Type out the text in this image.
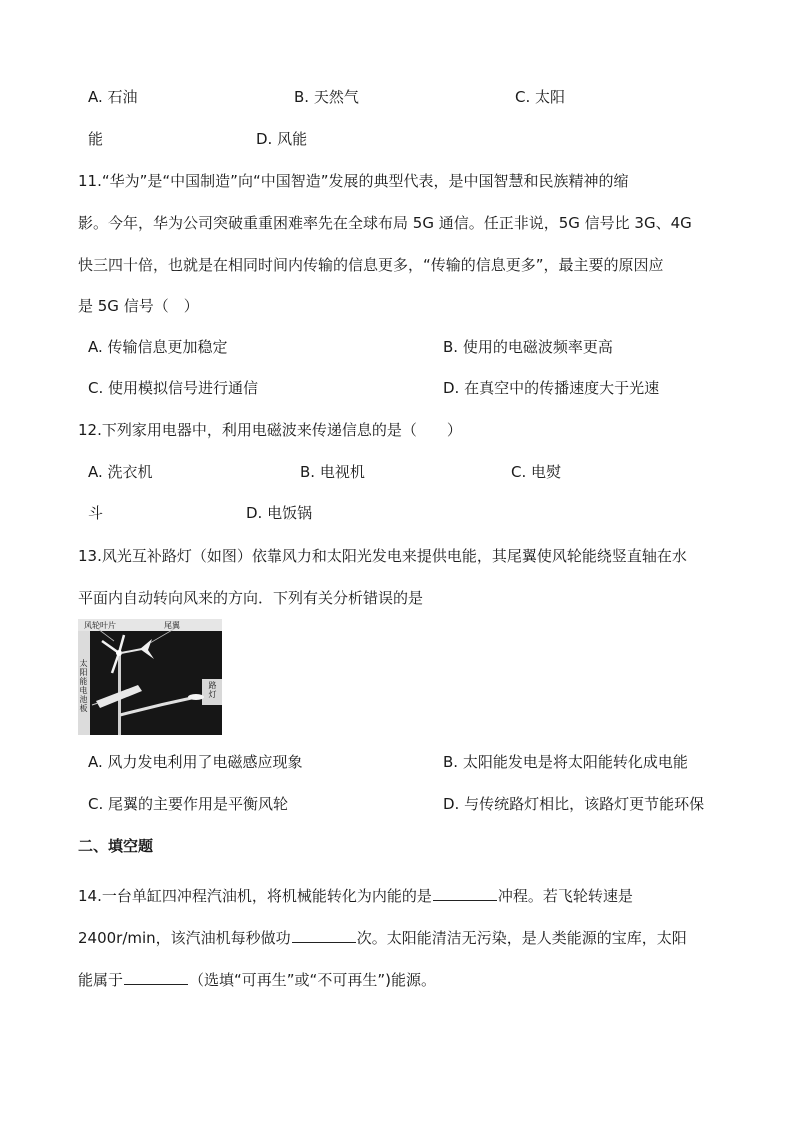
A. 石油	B. 天然气	C. 太阳
能	D. 风能
11.“华为”是“中国制造”向“中国智造”发展的典型代表，是中国智慧和民族精神的缩
影。今年，华为公司突破重重困难率先在全球布局 5G 通信。任正非说，5G 信号比 3G、4G
快三四十倍，也就是在相同时间内传输的信息更多，“传输的信息更多”，最主要的原因应
是 5G 信号（　）
A. 传输信息更加稳定	B. 使用的电磁波频率更高
C. 使用模拟信号进行通信	D. 在真空中的传播速度大于光速
12.下列家用电器中，利用电磁波来传递信息的是（　　）
A. 洗衣机	B. 电视机	C. 电熨
斗	D. 电饭锅
13.风光互补路灯（如图）依靠风力和太阳光发电来提供电能，其尾翼使风轮能绕竖直轴在水
平面内自动转向风来的方向．下列有关分析错误的是
风轮叶片	尾翼
太阳能电池板
路灯
A. 风力发电利用了电磁感应现象	B. 太阳能发电是将太阳能转化成电能
C. 尾翼的主要作用是平衡风轮	D. 与传统路灯相比，该路灯更节能环保
二、填空题
14.一台单缸四冲程汽油机，将机械能转化为内能的是	冲程。若飞轮转速是
2400r/min，该汽油机每秒做功	次。太阳能清洁无污染，是人类能源的宝库，太阳
能属于	（选填“可再生”或“不可再生”)能源。
